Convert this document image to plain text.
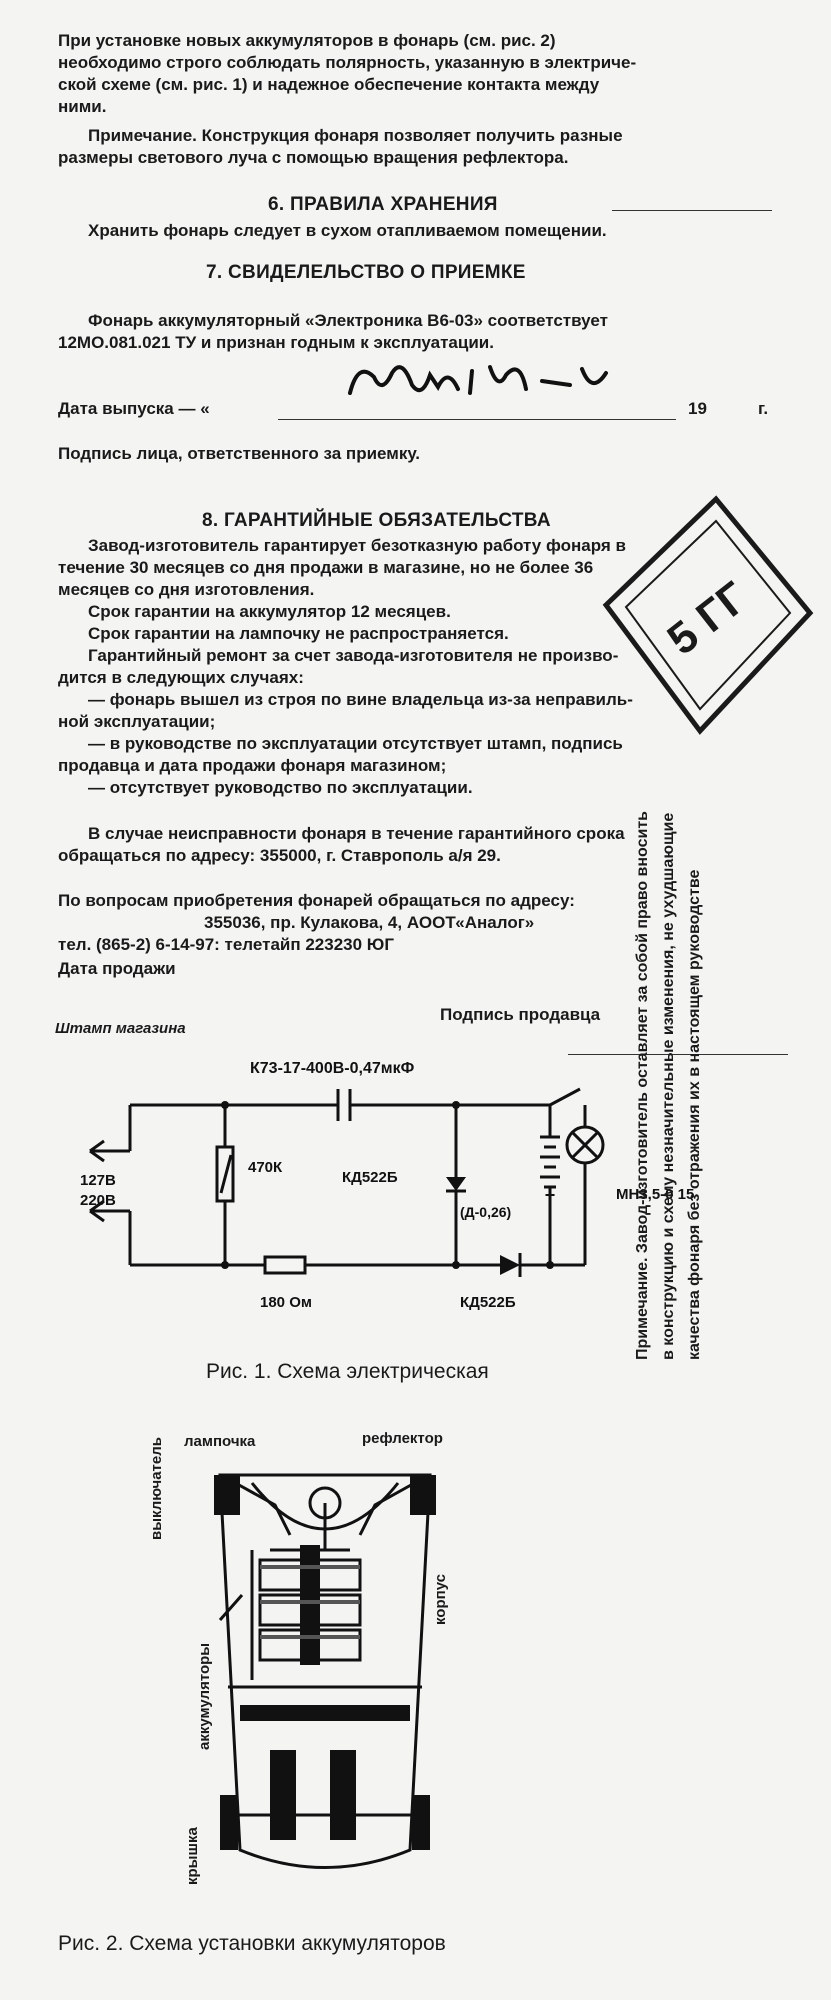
При установке новых аккумуляторов в фонарь (см. рис. 2)
необходимо строго соблюдать полярность, указанную в электриче-
ской схеме (см. рис. 1) и надежное обеспечение контакта между
ними.
Примечание. Конструкция фонаря позволяет получить разные
размеры светового луча с помощью вращения рефлектора.
6. ПРАВИЛА ХРАНЕНИЯ
Хранить фонарь следует в сухом отапливаемом помещении.
7. СВИДЕЛЕЛЬСТВО О ПРИЕМКЕ
Фонарь аккумуляторный «Электроника В6-03» соответствует
12МО.081.021 ТУ и признан годным к эксплуатации.
Дата выпуска — «	19	г.
Подпись лица, ответственного за приемку.
8. ГАРАНТИЙНЫЕ ОБЯЗАТЕЛЬСТВА
Завод-изготовитель гарантирует безотказную работу фонаря в
течение 30 месяцев со дня продажи в магазине, но не более 36
месяцев со дня изготовления.
Срок гарантии на аккумулятор 12 месяцев.
Срок гарантии на лампочку не распространяется.
Гарантийный ремонт за счет завода-изготовителя не произво-
дится в следующих случаях:
— фонарь вышел из строя по вине владельца из-за неправиль-
ной эксплуатации;
— в руководстве по эксплуатации отсутствует штамп, подпись
продавца и дата продажи фонаря магазином;
— отсутствует руководство по эксплуатации.
В случае неисправности фонаря в течение гарантийного срока
обращаться по адресу: 355000, г. Ставрополь а/я 29.
5 ГГ
По вопросам приобретения фонарей обращаться по адресу:
355036, пр. Кулакова, 4, АООТ«Аналог»
тел. (865-2) 6-14-97: телетайп 223230 ЮГ
Дата продажи
Подпись продавца
Штамп магазина
+
К73-17-400В-0,47мкФ
127В
220В
470К
КД522Б
(Д-0,26)
МН3,5-0 15
180 Ом	КД522Б
Рис. 1. Схема электрическая
лампочка	рефлектор
выключатель
аккумуляторы
корпус
крышка
Рис. 2. Схема установки аккумуляторов
Примечание. Завод-изготовитель оставляет за собой право вносить в конструкцию и схему незначительные изменения, не ухудшающие качества фонаря без отражения их в настоящем руководстве
